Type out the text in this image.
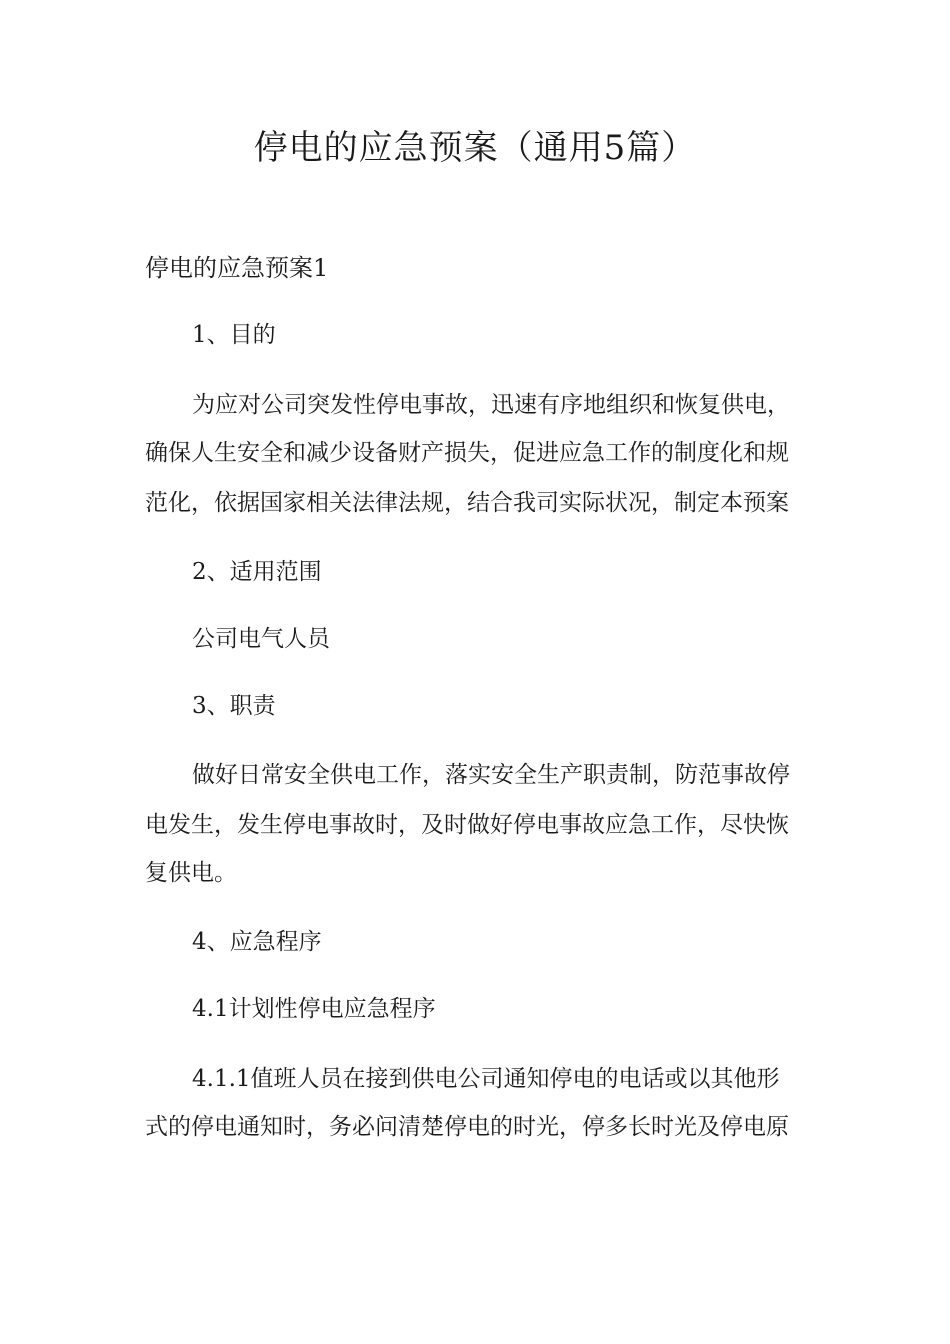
停电的应急预案（通用5篇）
停电的应急预案1
1、目的
为应对公司突发性停电事故，迅速有序地组织和恢复供电，
确保人生安全和减少设备财产损失，促进应急工作的制度化和规
范化，依据国家相关法律法规，结合我司实际状况，制定本预案
2、适用范围
公司电气人员
3、职责
做好日常安全供电工作，落实安全生产职责制，防范事故停
电发生，发生停电事故时，及时做好停电事故应急工作，尽快恢
复供电。
4、应急程序
4.1计划性停电应急程序
4.1.1值班人员在接到供电公司通知停电的电话或以其他形
式的停电通知时，务必问清楚停电的时光，停多长时光及停电原
